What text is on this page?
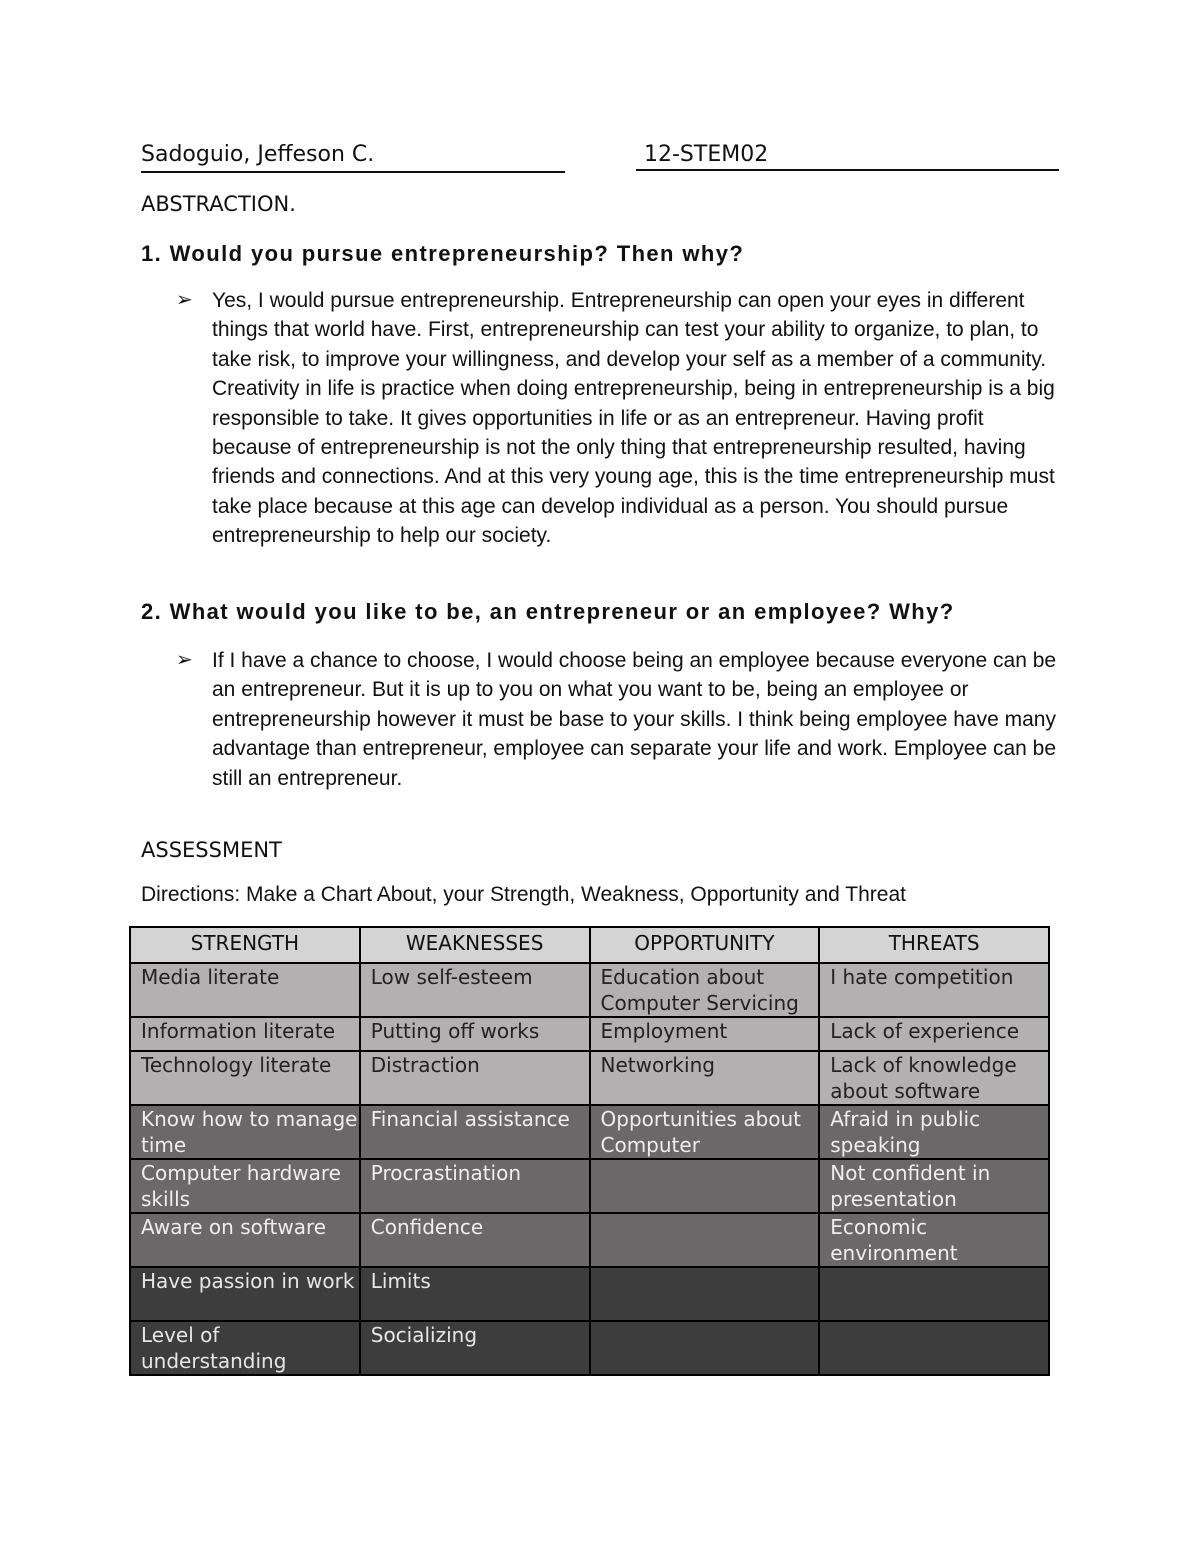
Sadoguio, Jeffeson C.	12-STEM02
ABSTRACTION.
1. Would you pursue entrepreneurship? Then why?
➢ Yes, I would pursue entrepreneurship. Entrepreneurship can open your eyes in different things that world have. First, entrepreneurship can test your ability to organize, to plan, to take risk, to improve your willingness, and develop your self as a member of a community. Creativity in life is practice when doing entrepreneurship, being in entrepreneurship is a big responsible to take. It gives opportunities in life or as an entrepreneur. Having profit because of entrepreneurship is not the only thing that entrepreneurship resulted, having friends and connections. And at this very young age, this is the time entrepreneurship must take place because at this age can develop individual as a person. You should pursue entrepreneurship to help our society.
2. What would you like to be, an entrepreneur or an employee? Why?
➢ If I have a chance to choose, I would choose being an employee because everyone can be an entrepreneur. But it is up to you on what you want to be, being an employee or entrepreneurship however it must be base to your skills. I think being employee have many advantage than entrepreneur, employee can separate your life and work. Employee can be still an entrepreneur.
ASSESSMENT
Directions: Make a Chart About, your Strength, Weakness, Opportunity and Threat
STRENGTH	WEAKNESSES	OPPORTUNITY	THREATS
Media literate	Low self-esteem	Education about Computer Servicing	I hate competition
Information literate	Putting off works	Employment	Lack of experience
Technology literate	Distraction	Networking	Lack of knowledge about software
Know how to manage time	Financial assistance	Opportunities about Computer	Afraid in public speaking
Computer hardware skills	Procrastination		Not confident in presentation
Aware on software	Confidence		Economic environment
Have passion in work	Limits		
Level of understanding	Socializing		
